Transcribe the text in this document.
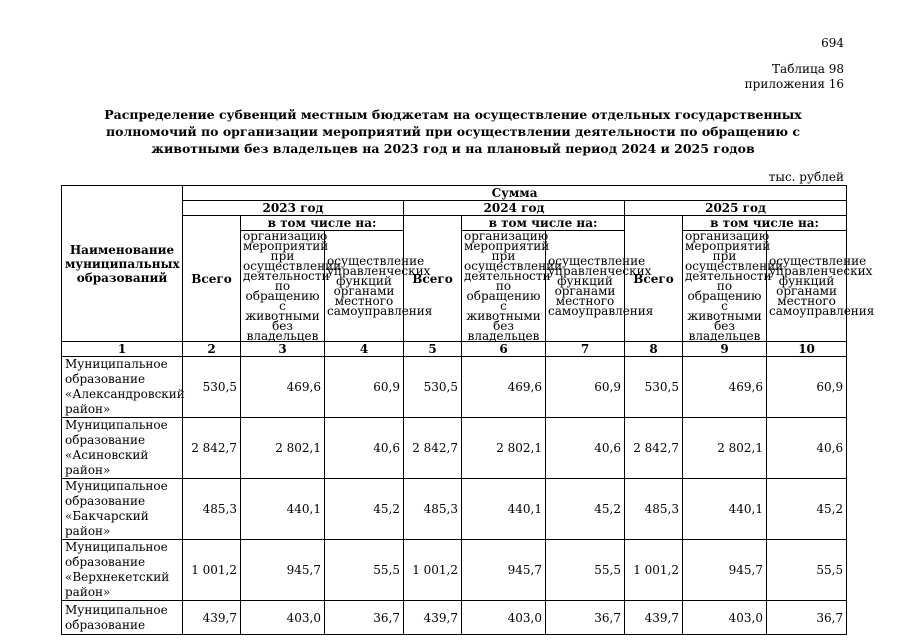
694
Таблица 98
приложения 16
Распределение субвенций местным бюджетам на осуществление отдельных государственных полномочий по организации мероприятий при осуществлении деятельности по обращению с животными без владельцев на 2023 год и на плановый период 2024 и 2025 годов
тыс. рублей
Наименование муниципальных образований	Сумма								
	2023 год			2024 год			2025 год		
	Всего	в том числе на:		Всего	в том числе на:		Всего	в том числе на:	
		организацию мероприятий при осуществлении деятельности по обращению с животными без владельцев	осуществление управленческих функций органами местного самоуправления		организацию мероприятий при осуществлении деятельности по обращению с животными без владельцев	осуществление управленческих функций органами местного самоуправления		организацию мероприятий при осуществлении деятельности по обращению с животными без владельцев	осуществление управленческих функций органами местного самоуправления
1	2	3	4	5	6	7	8	9	10
Муниципальное образование «Александровский район»	530,5	469,6	60,9	530,5	469,6	60,9	530,5	469,6	60,9
Муниципальное образование «Асиновский район»	2 842,7	2 802,1	40,6	2 842,7	2 802,1	40,6	2 842,7	2 802,1	40,6
Муниципальное образование «Бакчарский район»	485,3	440,1	45,2	485,3	440,1	45,2	485,3	440,1	45,2
Муниципальное образование «Верхнекетский район»	1 001,2	945,7	55,5	1 001,2	945,7	55,5	1 001,2	945,7	55,5
Муниципальное образование	439,7	403,0	36,7	439,7	403,0	36,7	439,7	403,0	36,7
